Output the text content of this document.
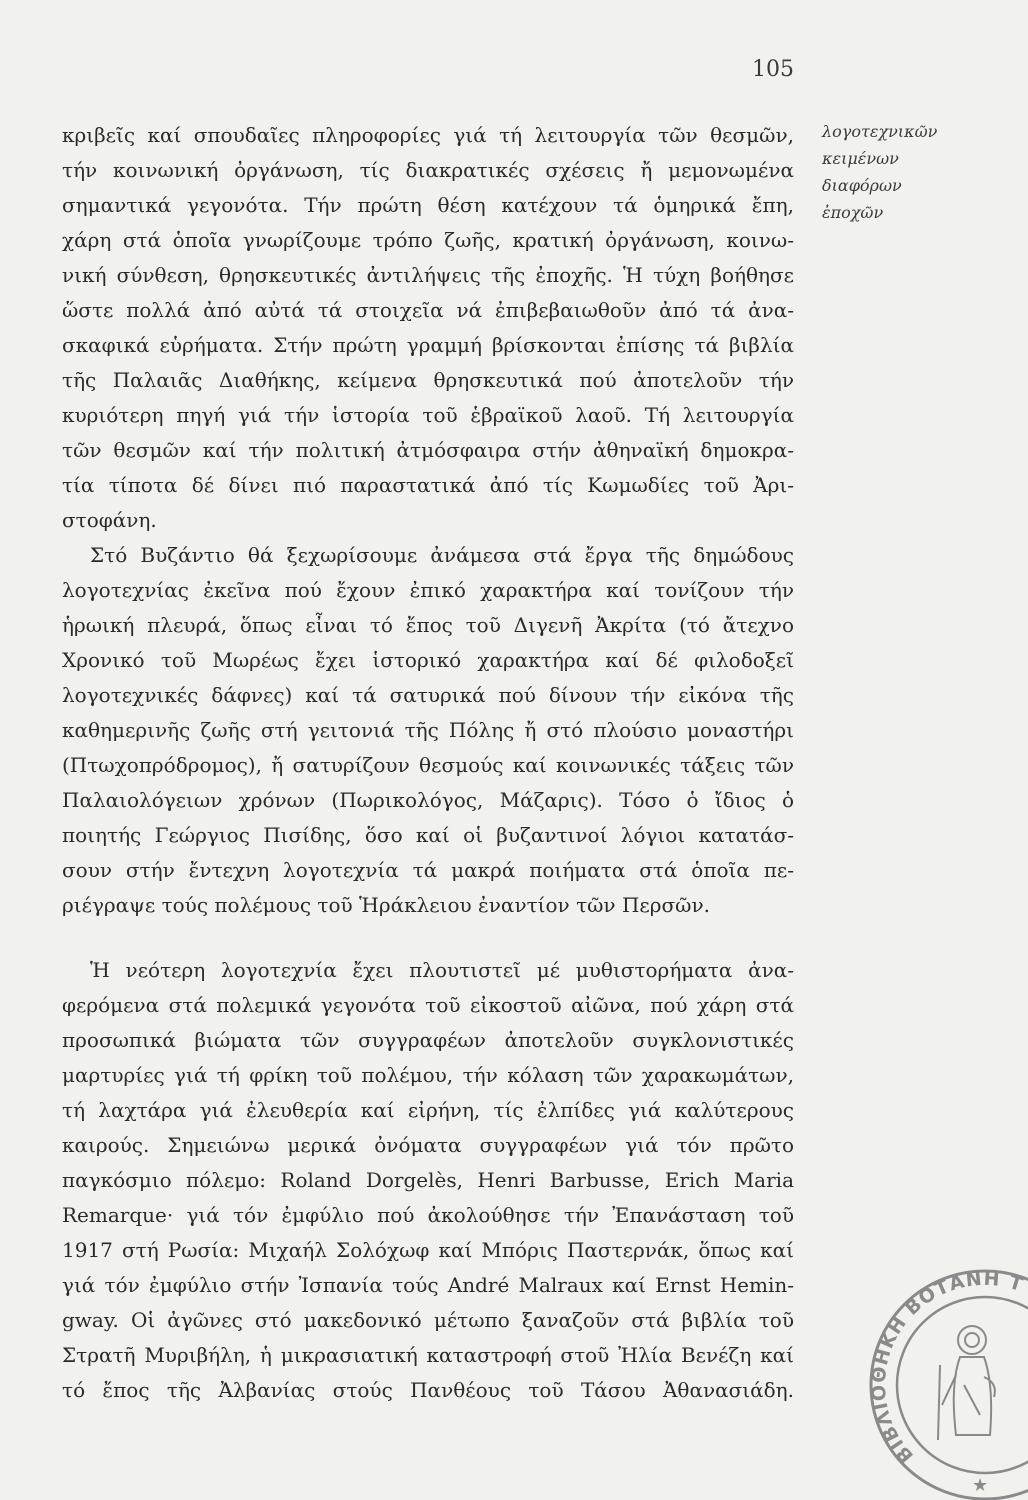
105
λογοτεχνικῶν
κειμένων
διαφόρων
ἐποχῶν
κριβεῖς καί σπουδαῖες πληροφορίες γιά τή λειτουργία τῶν θεσμῶν,
τήν κοινωνική ὀργάνωση, τίς διακρατικές σχέσεις ἤ μεμονωμένα
σημαντικά γεγονότα. Τήν πρώτη θέση κατέχουν τά ὁμηρικά ἔπη,
χάρη στά ὁποῖα γνωρίζουμε τρόπο ζωῆς, κρατική ὀργάνωση, κοινω-
νική σύνθεση, θρησκευτικές ἀντιλήψεις τῆς ἐποχῆς. Ἡ τύχη βοήθησε
ὥστε πολλά ἀπό αὐτά τά στοιχεῖα νά ἐπιβεβαιωθοῦν ἀπό τά ἀνα-
σκαφικά εὑρήματα. Στήν πρώτη γραμμή βρίσκονται ἐπίσης τά βιβλία
τῆς Παλαιᾶς Διαθήκης, κείμενα θρησκευτικά πού ἀποτελοῦν τήν
κυριότερη πηγή γιά τήν ἱστορία τοῦ ἑβραϊκοῦ λαοῦ. Τή λειτουργία
τῶν θεσμῶν καί τήν πολιτική ἀτμόσφαιρα στήν ἀθηναϊκή δημοκρα-
τία τίποτα δέ δίνει πιό παραστατικά ἀπό τίς Κωμωδίες τοῦ Ἀρι-
στοφάνη.
Στό Βυζάντιο θά ξεχωρίσουμε ἀνάμεσα στά ἔργα τῆς δημώδους
λογοτεχνίας ἐκεῖνα πού ἔχουν ἐπικό χαρακτήρα καί τονίζουν τήν
ἡρωική πλευρά, ὅπως εἶναι τό ἔπος τοῦ Διγενῆ Ἀκρίτα (τό ἄτεχνο
Χρονικό τοῦ Μωρέως ἔχει ἱστορικό χαρακτήρα καί δέ φιλοδοξεῖ
λογοτεχνικές δάφνες) καί τά σατυρικά πού δίνουν τήν εἰκόνα τῆς
καθημερινῆς ζωῆς στή γειτονιά τῆς Πόλης ἤ στό πλούσιο μοναστήρι
(Πτωχοπρόδρομος), ἤ σατυρίζουν θεσμούς καί κοινωνικές τάξεις τῶν
Παλαιολόγειων χρόνων (Πωρικολόγος, Μάζαρις). Τόσο ὁ ἴδιος ὁ
ποιητής Γεώργιος Πισίδης, ὅσο καί οἱ βυζαντινοί λόγιοι κατατάσ-
σουν στήν ἔντεχνη λογοτεχνία τά μακρά ποιήματα στά ὁποῖα πε-
ριέγραψε τούς πολέμους τοῦ Ἡράκλειου ἐναντίον τῶν Περσῶν.
Ἡ νεότερη λογοτεχνία ἔχει πλουτιστεῖ μέ μυθιστορήματα ἀνα-
φερόμενα στά πολεμικά γεγονότα τοῦ εἰκοστοῦ αἰῶνα, πού χάρη στά
προσωπικά βιώματα τῶν συγγραφέων ἀποτελοῦν συγκλονιστικές
μαρτυρίες γιά τή φρίκη τοῦ πολέμου, τήν κόλαση τῶν χαρακωμάτων,
τή λαχτάρα γιά ἐλευθερία καί εἰρήνη, τίς ἐλπίδες γιά καλύτερους
καιρούς. Σημειώνω μερικά ὀνόματα συγγραφέων γιά τόν πρῶτο
παγκόσμιο πόλεμο: Roland Dorgelès, Henri Barbusse, Erich Maria
Remarque· γιά τόν ἐμφύλιο πού ἀκολούθησε τήν Ἐπανάσταση τοῦ
1917 στή Ρωσία: Μιχαήλ Σολόχωφ καί Μπόρις Παστερνάκ, ὅπως καί
γιά τόν ἐμφύλιο στήν Ἰσπανία τούς André Malraux καί Ernst Hemin-
gway. Οἱ ἀγῶνες στό μακεδονικό μέτωπο ξαναζοῦν στά βιβλία τοῦ
Στρατῆ Μυριβήλη, ἡ μικρασιατική καταστροφή στοῦ Ἠλία Βενέζη καί
τό ἔπος τῆς Ἀλβανίας στούς Πανθέους τοῦ Τάσου Ἀθανασιάδη.
ΒΙΒΛΙΟΘΗΚΗ ΒΟΤΑΝΗ Τ
★
